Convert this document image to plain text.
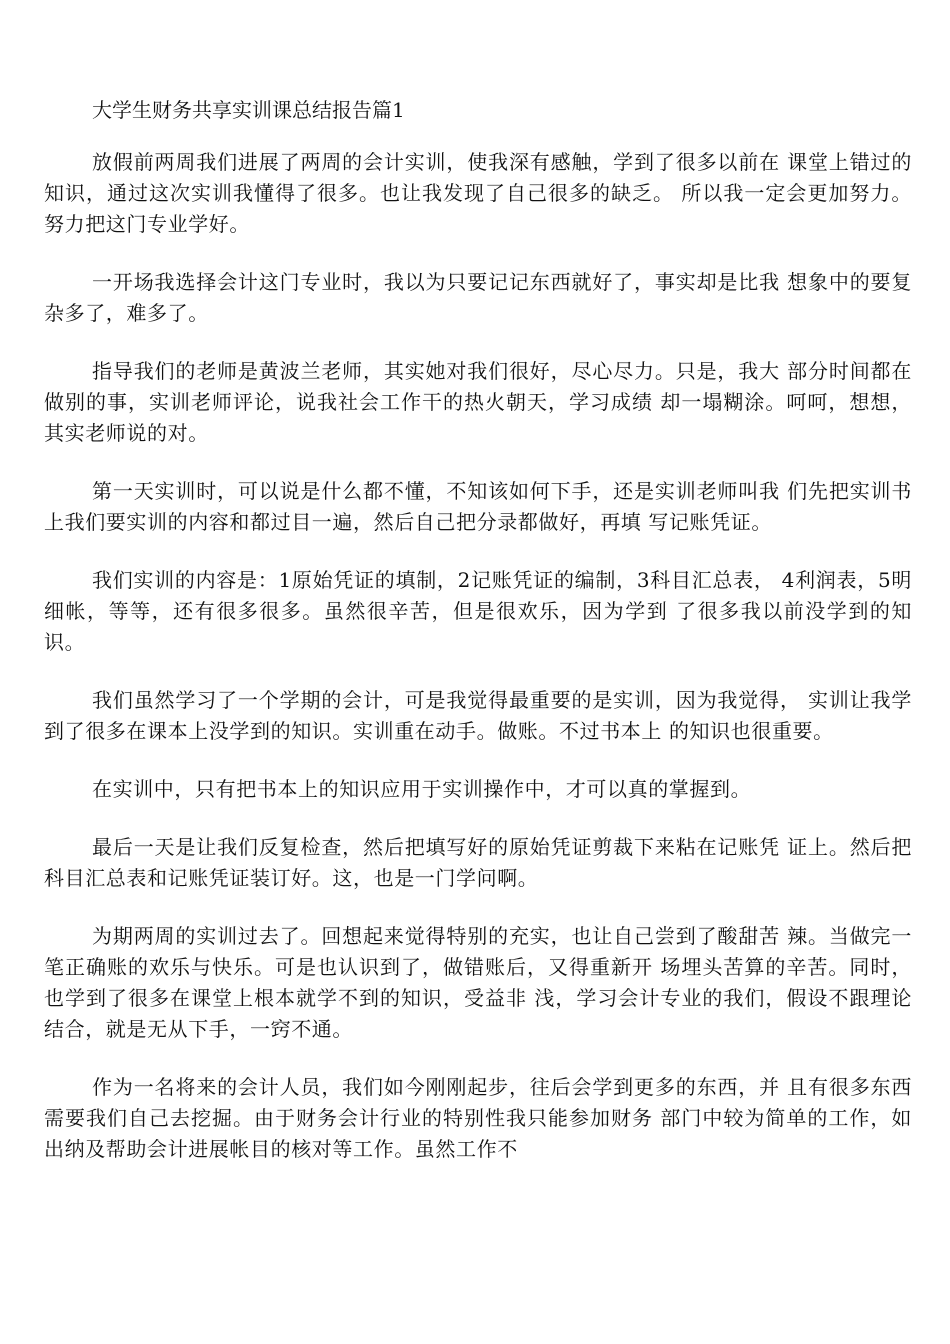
大学生财务共享实训课总结报告篇1

放假前两周我们进展了两周的会计实训，使我深有感触，学到了很多以前在 课堂上错过的知识，通过这次实训我懂得了很多。也让我发现了自己很多的缺乏。 所以我一定会更加努力。努力把这门专业学好。

一开场我选择会计这门专业时，我以为只要记记东西就好了，事实却是比我 想象中的要复杂多了，难多了。

指导我们的老师是黄波兰老师，其实她对我们很好，尽心尽力。只是，我大 部分时间都在做别的事，实训老师评论，说我社会工作干的热火朝天，学习成绩 却一塌糊涂。呵呵，想想，其实老师说的对。

第一天实训时，可以说是什么都不懂，不知该如何下手，还是实训老师叫我 们先把实训书上我们要实训的内容和都过目一遍，然后自己把分录都做好，再填 写记账凭证。

我们实训的内容是：1原始凭证的填制，2记账凭证的编制，3科目汇总表， 4利润表，5明细帐，等等，还有很多很多。虽然很辛苦，但是很欢乐，因为学到 了很多我以前没学到的知识。

我们虽然学习了一个学期的会计，可是我觉得最重要的是实训，因为我觉得， 实训让我学到了很多在课本上没学到的知识。实训重在动手。做账。不过书本上 的知识也很重要。

在实训中，只有把书本上的知识应用于实训操作中，才可以真的掌握到。

最后一天是让我们反复检查，然后把填写好的原始凭证剪裁下来粘在记账凭 证上。然后把科目汇总表和记账凭证装订好。这，也是一门学问啊。

为期两周的实训过去了。回想起来觉得特别的充实，也让自己尝到了酸甜苦 辣。当做完一笔正确账的欢乐与快乐。可是也认识到了，做错账后，又得重新开 场埋头苦算的辛苦。同时，也学到了很多在课堂上根本就学不到的知识，受益非 浅，学习会计专业的我们，假设不跟理论结合，就是无从下手，一窍不通。

作为一名将来的会计人员，我们如今刚刚起步，往后会学到更多的东西，并 且有很多东西需要我们自己去挖掘。由于财务会计行业的特别性我只能参加财务 部门中较为简单的工作，如出纳及帮助会计进展帐目的核对等工作。虽然工作不
